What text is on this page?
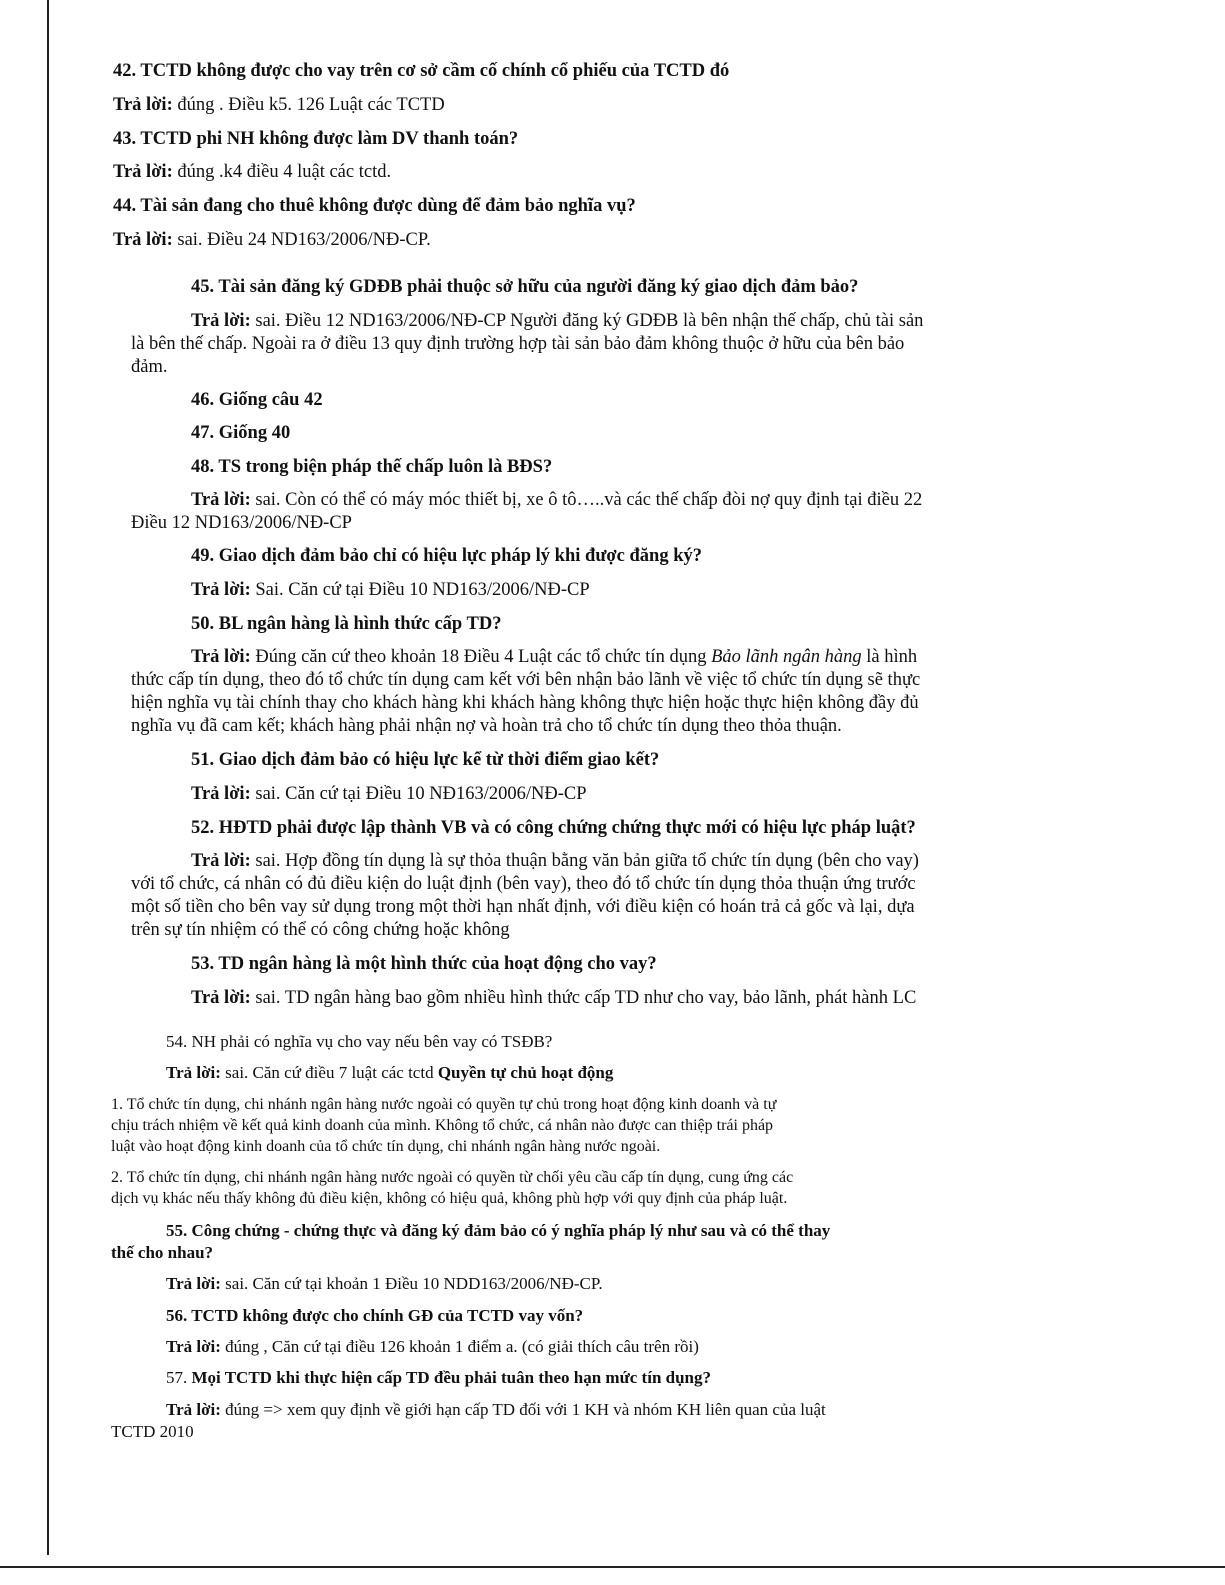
42. TCTD không được cho vay trên cơ sở cầm cố chính cổ phiếu của TCTD đó

Trả lời: đúng . Điều k5. 126 Luật các TCTD

43. TCTD phi NH không được làm DV thanh toán?

Trả lời: đúng .k4 điều 4 luật các tctd.

44. Tài sản đang cho thuê không được dùng để đảm bảo nghĩa vụ?

Trả lời: sai. Điều 24 ND163/2006/NĐ-CP.

45. Tài sản đăng ký GDĐB phải thuộc sở hữu của người đăng ký giao dịch đảm bảo?

Trả lời: sai. Điều 12 ND163/2006/NĐ-CP Người đăng ký GDĐB là bên nhận thế chấp, chủ tài sản
là bên thế chấp. Ngoài ra ở điều 13 quy định trường hợp tài sản bảo đảm không thuộc ở hữu của bên bảo
đảm.

46. Giống câu 42

47. Giống 40

48. TS trong biện pháp thế chấp luôn là BĐS?

Trả lời: sai. Còn có thể có máy móc thiết bị, xe ô tô…..và các thế chấp đòi nợ quy định tại điều 22
Điều 12 ND163/2006/NĐ-CP

49. Giao dịch đảm bảo chỉ có hiệu lực pháp lý khi được đăng ký?

Trả lời: Sai. Căn cứ tại Điều 10 ND163/2006/NĐ-CP

50. BL ngân hàng là hình thức cấp TD?

Trả lời: Đúng căn cứ theo khoản 18 Điều 4 Luật các tổ chức tín dụng Bảo lãnh ngân hàng là hình
thức cấp tín dụng, theo đó tổ chức tín dụng cam kết với bên nhận bảo lãnh về việc tổ chức tín dụng sẽ thực
hiện nghĩa vụ tài chính thay cho khách hàng khi khách hàng không thực hiện hoặc thực hiện không đầy đủ
nghĩa vụ đã cam kết; khách hàng phải nhận nợ và hoàn trả cho tổ chức tín dụng theo thỏa thuận.

51. Giao dịch đảm bảo có hiệu lực kể từ thời điểm giao kết?

Trả lời: sai. Căn cứ tại Điều 10 NĐ163/2006/NĐ-CP

52. HĐTD phải được lập thành VB và có công chứng chứng thực mới có hiệu lực pháp luật?

Trả lời: sai. Hợp đồng tín dụng là sự thỏa thuận bằng văn bản giữa tổ chức tín dụng (bên cho vay)
với tổ chức, cá nhân có đủ điều kiện do luật định (bên vay), theo đó tổ chức tín dụng thỏa thuận ứng trước
một số tiền cho bên vay sử dụng trong một thời hạn nhất định, với điều kiện có hoán trả cả gốc và lại, dựa
trên sự tín nhiệm có thể có công chứng hoặc không

53. TD ngân hàng là một hình thức của hoạt động cho vay?

Trả lời: sai. TD ngân hàng bao gồm nhiều hình thức cấp TD như cho vay, bảo lãnh, phát hành LC

54. NH phải có nghĩa vụ cho vay nếu bên vay có TSĐB?

Trả lời: sai. Căn cứ điều 7 luật các tctd Quyền tự chủ hoạt động

1. Tổ chức tín dụng, chi nhánh ngân hàng nước ngoài có quyền tự chủ trong hoạt động kinh doanh và tự
chịu trách nhiệm về kết quả kinh doanh của mình. Không tổ chức, cá nhân nào được can thiệp trái pháp
luật vào hoạt động kinh doanh của tổ chức tín dụng, chi nhánh ngân hàng nước ngoài.
2. Tổ chức tín dụng, chi nhánh ngân hàng nước ngoài có quyền từ chối yêu cầu cấp tín dụng, cung ứng các
dịch vụ khác nếu thấy không đủ điều kiện, không có hiệu quả, không phù hợp với quy định của pháp luật.
55. Công chứng - chứng thực và đăng ký đảm bảo có ý nghĩa pháp lý như sau và có thể thay
thế cho nhau?

Trả lời: sai. Căn cứ tại khoản 1 Điều 10 NDD163/2006/NĐ-CP.

56. TCTD không được cho chính GĐ của TCTD vay vốn?

Trả lời: đúng , Căn cứ tại điều 126 khoản 1 điểm a. (có giải thích câu trên rồi)

57. Mọi TCTD khi thực hiện cấp TD đều phải tuân theo hạn mức tín dụng?

Trả lời: đúng => xem quy định về giới hạn cấp TD đối với 1 KH và nhóm KH liên quan của luật
TCTD 2010
